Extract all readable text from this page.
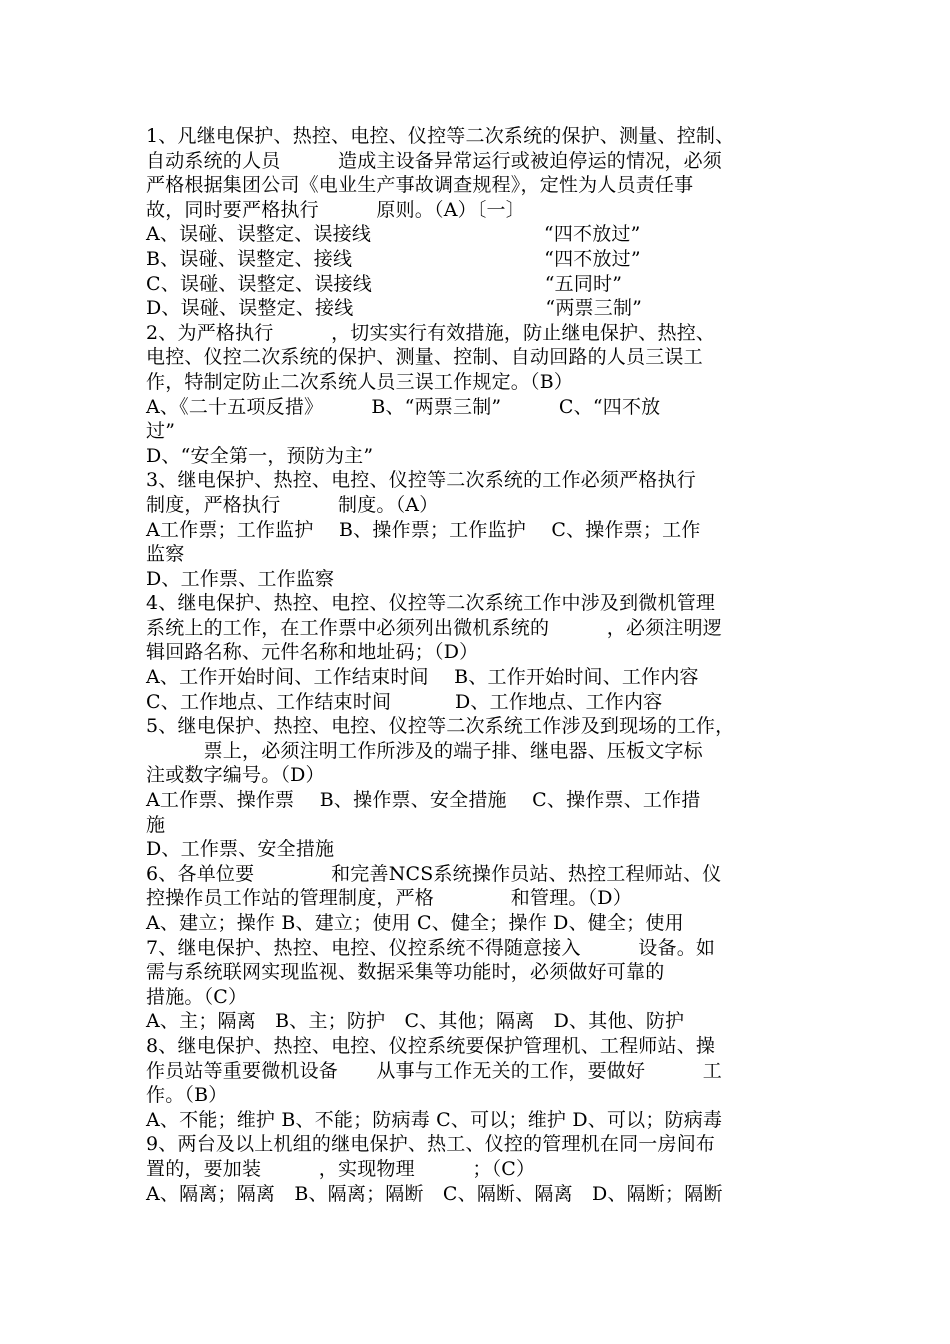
1、凡继电保护、热控、电控、仪控等二次系统的保护、测量、控制、
自动系统的人员　　　造成主设备异常运行或被迫停运的情况，必须
严格根据集团公司《电业生产事故调查规程》，定性为人员责任事
故，同时要严格执行　　　原则。（A）〔一〕
A、误碰、误整定、误接线　　　　　　　　　“四不放过”
B、误碰、误整定、接线　　　　　　　　　　“四不放过”
C、误碰、误整定、误接线　　　　　　　　　“五同时”
D、误碰、误整定、接线　　　　　　　　　　“两票三制”
2、为严格执行　　　，切实实行有效措施，防止继电保护、热控、
电控、仪控二次系统的保护、测量、控制、自动回路的人员三误工
作，特制定防止二次系统人员三误工作规定。（B）
A、《二十五项反措》　　　B、“两票三制”　　　C、“四不放
过”
D、“安全第一，预防为主”
3、继电保护、热控、电控、仪控等二次系统的工作必须严格执行
制度，严格执行　　　制度。（A）
A工作票；工作监护　 B、操作票；工作监护　 C、操作票；工作
监察
D、工作票、工作监察
4、继电保护、热控、电控、仪控等二次系统工作中涉及到微机管理
系统上的工作，在工作票中必须列出微机系统的　　　，必须注明逻
辑回路名称、元件名称和地址码；（D）
A、工作开始时间、工作结束时间　 B、工作开始时间、工作内容
C、工作地点、工作结束时间　　　 D、工作地点、工作内容
5、继电保护、热控、电控、仪控等二次系统工作涉及到现场的工作，
　　　票上，必须注明工作所涉及的端子排、继电器、压板文字标
注或数字编号。（D）
A工作票、操作票　 B、操作票、安全措施　 C、操作票、工作措
施
D、工作票、安全措施
6、各单位要　　　　和完善NCS系统操作员站、热控工程师站、仪
控操作员工作站的管理制度，严格　　　　和管理。（D）
A、建立；操作 B、建立；使用 C、健全；操作 D、健全；使用
7、继电保护、热控、电控、仪控系统不得随意接入　　　设备。如
需与系统联网实现监视、数据采集等功能时，必须做好可靠的
措施。（C）
A、主；隔离　B、主；防护　C、其他；隔离　D、其他、防护
8、继电保护、热控、电控、仪控系统要保护管理机、工程师站、操
作员站等重要微机设备　　从事与工作无关的工作，要做好　　　工
作。（B）
A、不能；维护 B、不能；防病毒 C、可以；维护 D、可以；防病毒
9、两台及以上机组的继电保护、热工、仪控的管理机在同一房间布
置的，要加装　　　，实现物理　　　；（C）
A、隔离；隔离　B、隔离；隔断　C、隔断、隔离　D、隔断；隔断
